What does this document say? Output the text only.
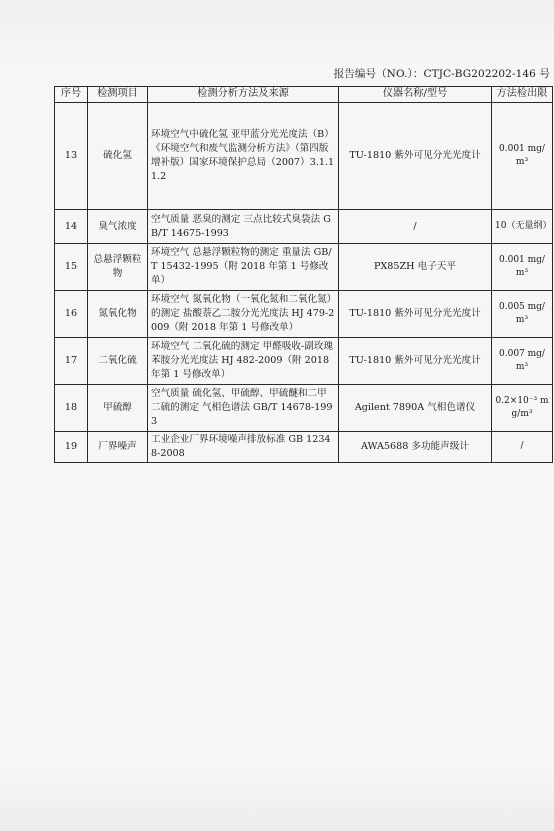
报告编号（NO.）：CTJC-BG202202-146 号
序号	检测项目	检测分析方法及来源	仪器名称/型号	方法检出限
13	硫化氢	环境空气中硫化氢 亚甲蓝分光光度法（B）《环境空气和废气监测分析方法》（第四版增补版）国家环境保护总局（2007）3.1.11.2	TU-1810 紫外可见分光光度计	0.001 mg/m³
14	臭气浓度	空气质量 恶臭的测定 三点比较式臭袋法 GB/T 14675-1993	/	10（无量纲）
15	总悬浮颗粒物	环境空气 总悬浮颗粒物的测定 重量法 GB/T 15432-1995（附 2018 年第 1 号修改单）	PX85ZH 电子天平	0.001 mg/m³
16	氮氧化物	环境空气 氮氧化物（一氧化氮和二氧化氮）的测定 盐酸萘乙二胺分光光度法 HJ 479-2009（附 2018 年第 1 号修改单）	TU-1810 紫外可见分光光度计	0.005 mg/m³
17	二氧化硫	环境空气 二氧化硫的测定 甲醛吸收-副玫瑰苯胺分光光度法 HJ 482-2009（附 2018 年第 1 号修改单）	TU-1810 紫外可见分光光度计	0.007 mg/m³
18	甲硫醇	空气质量 硫化氢、甲硫醇、甲硫醚和二甲二硫的测定 气相色谱法 GB/T 14678-1993	Agilent 7890A 气相色谱仪	0.2×10⁻³ mg/m³
19	厂界噪声	工业企业厂界环境噪声排放标准 GB 12348-2008	AWA5688 多功能声级计	/
